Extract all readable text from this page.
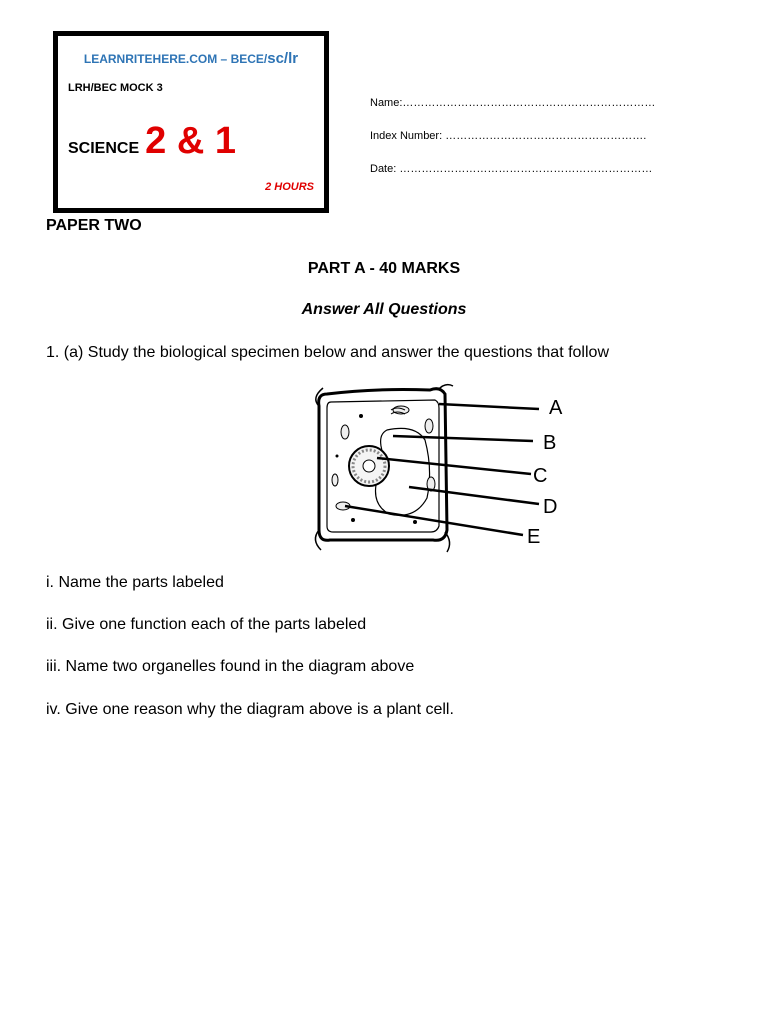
LEARNRITEHERE.COM – BECE/sc/lr
LRH/BEC MOCK 3
SCIENCE 2 & 1
2 HOURS
Name:……………………………………………………………
Index Number: ……………………………………………….
Date: ……………………………………………………………
PAPER TWO
PART A - 40 MARKS
Answer All Questions
1. (a) Study the biological specimen below and answer the questions that follow
A
B
C
D
E
i. Name the parts labeled
ii. Give one function each of the parts labeled
iii. Name two organelles found in the diagram above
iv. Give one reason why the diagram above is a plant cell.
